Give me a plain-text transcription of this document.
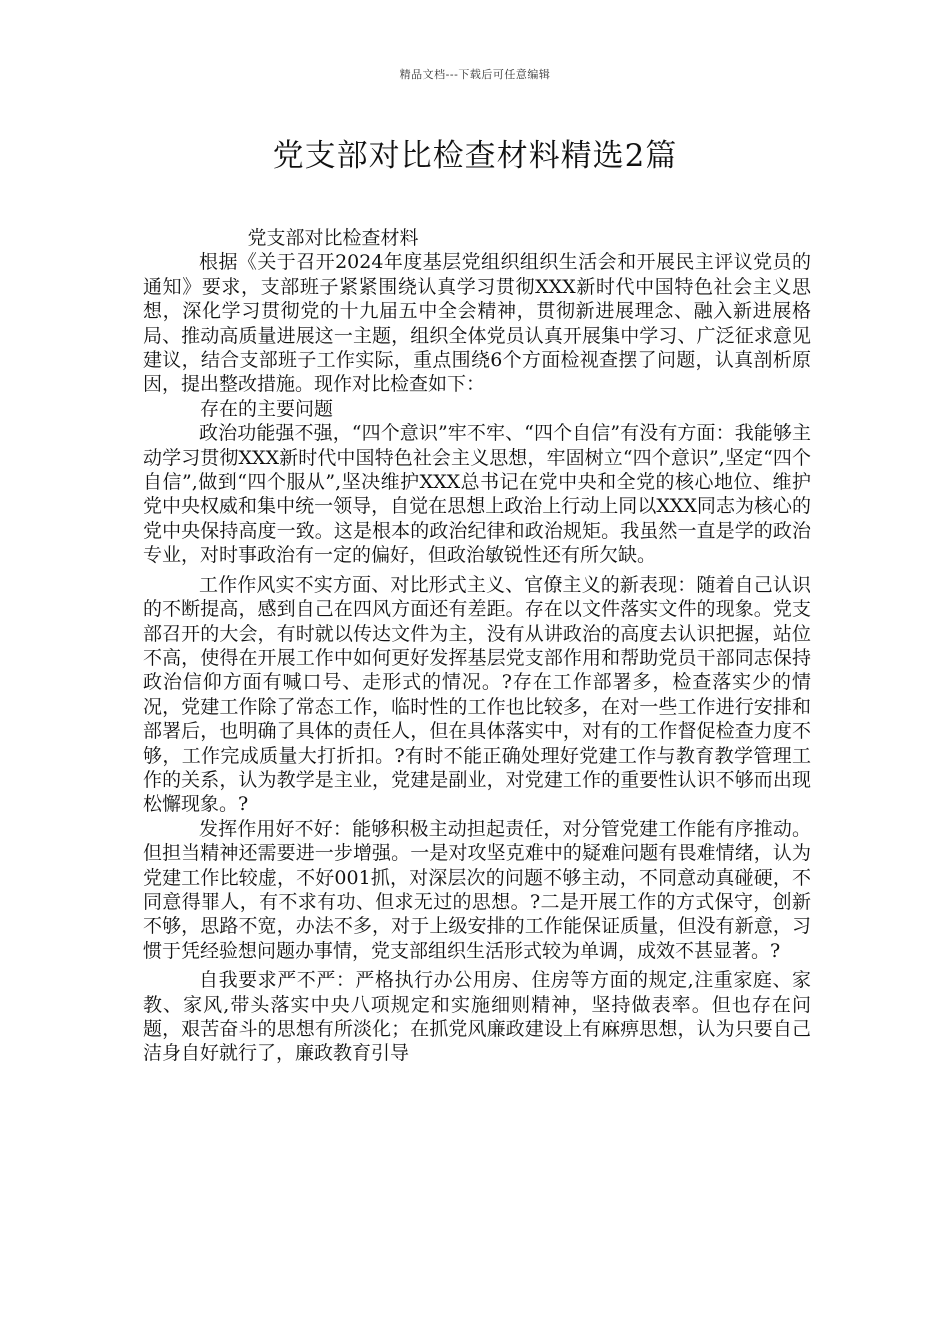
精品文档---下载后可任意编辑
党支部对比检查材料精选2篇

党支部对比检查材料

根据《关于召开2024年度基层党组织组织生活会和开展民主评议党员的通知》要求，支部班子紧紧围绕认真学习贯彻XXX新时代中国特色社会主义思想，深化学习贯彻党的十九届五中全会精神，贯彻新进展理念、融入新进展格局、推动高质量进展这一主题，组织全体党员认真开展集中学习、广泛征求意见建议，结合支部班子工作实际，重点围绕6个方面检视查摆了问题，认真剖析原因，提出整改措施。现作对比检查如下：

存在的主要问题

政治功能强不强，“四个意识”牢不牢、“四个自信”有没有方面：我能够主动学习贯彻XXX新时代中国特色社会主义思想，牢固树立“四个意识”,坚定“四个自信”,做到“四个服从”,坚决维护XXX总书记在党中央和全党的核心地位、维护党中央权威和集中统一领导，自觉在思想上政治上行动上同以XXX同志为核心的党中央保持高度一致。这是根本的政治纪律和政治规矩。我虽然一直是学的政治专业，对时事政治有一定的偏好，但政治敏锐性还有所欠缺。

工作作风实不实方面、对比形式主义、官僚主义的新表现：随着自己认识的不断提高，感到自己在四风方面还有差距。存在以文件落实文件的现象。党支部召开的大会，有时就以传达文件为主，没有从讲政治的高度去认识把握，站位不高，使得在开展工作中如何更好发挥基层党支部作用和帮助党员干部同志保持政治信仰方面有喊口号、走形式的情况。?存在工作部署多，检查落实少的情况，党建工作除了常态工作，临时性的工作也比较多，在对一些工作进行安排和部署后，也明确了具体的责任人，但在具体落实中，对有的工作督促检查力度不够，工作完成质量大打折扣。?有时不能正确处理好党建工作与教育教学管理工作的关系，认为教学是主业，党建是副业，对党建工作的重要性认识不够而出现松懈现象。?

发挥作用好不好：能够积极主动担起责任，对分管党建工作能有序推动。但担当精神还需要进一步增强。一是对攻坚克难中的疑难问题有畏难情绪，认为党建工作比较虚，不好001抓，对深层次的问题不够主动，不同意动真碰硬，不同意得罪人，有不求有功、但求无过的思想。?二是开展工作的方式保守，创新不够，思路不宽，办法不多，对于上级安排的工作能保证质量，但没有新意，习惯于凭经验想问题办事情，党支部组织生活形式较为单调，成效不甚显著。?

自我要求严不严：严格执行办公用房、住房等方面的规定,注重家庭、家教、家风,带头落实中央八项规定和实施细则精神，坚持做表率。但也存在问题，艰苦奋斗的思想有所淡化；在抓党风廉政建设上有麻痹思想，认为只要自己洁身自好就行了，廉政教育引导
